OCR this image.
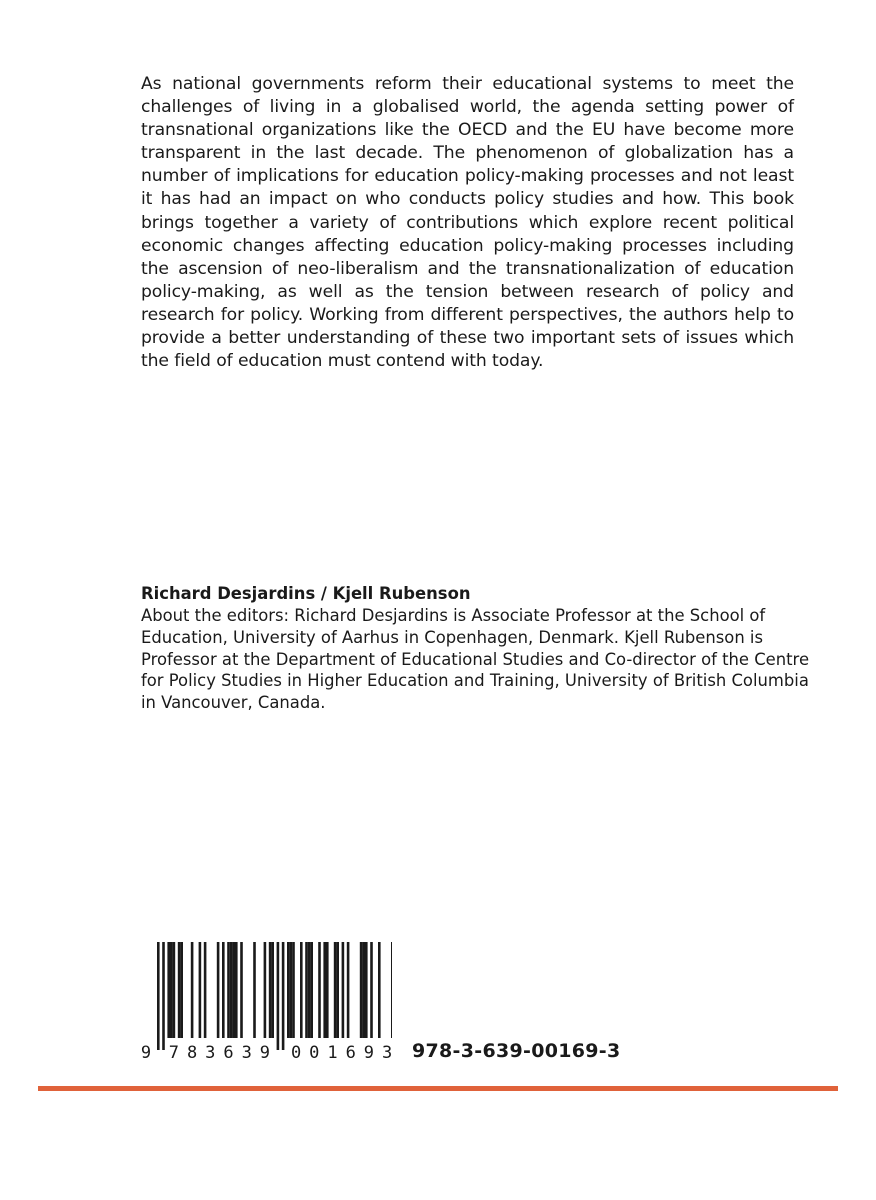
As national governments reform their educational systems to meet the challenges of living in a globalised world, the agenda setting power of transnational organizations like the OECD and the EU have become more transparent in the last decade. The phenomenon of globalization has a number of implications for education policy-making processes and not least it has had an impact on who conducts policy studies and how. This book brings together a variety of contributions which explore recent political economic changes affecting education policy-making processes including the ascension of neo-liberalism and the transnationalization of education policy-making, as well as the tension between research of policy and research for policy. Working from different perspectives, the authors help to provide a better understanding of these two important sets of issues which the field of education must contend with today.

Richard Desjardins / Kjell Rubenson

About the editors: Richard Desjardins is Associate Professor at the School of Education, University of Aarhus in Copenhagen, Denmark. Kjell Rubenson is Professor at the Department of Educational Studies and Co-director of the Centre for Policy Studies in Higher Education and Training, University of British Columbia in Vancouver, Canada.

9 7 8 3 6 3 9 0 0 1 6 9 3 978-3-639-00169-3
